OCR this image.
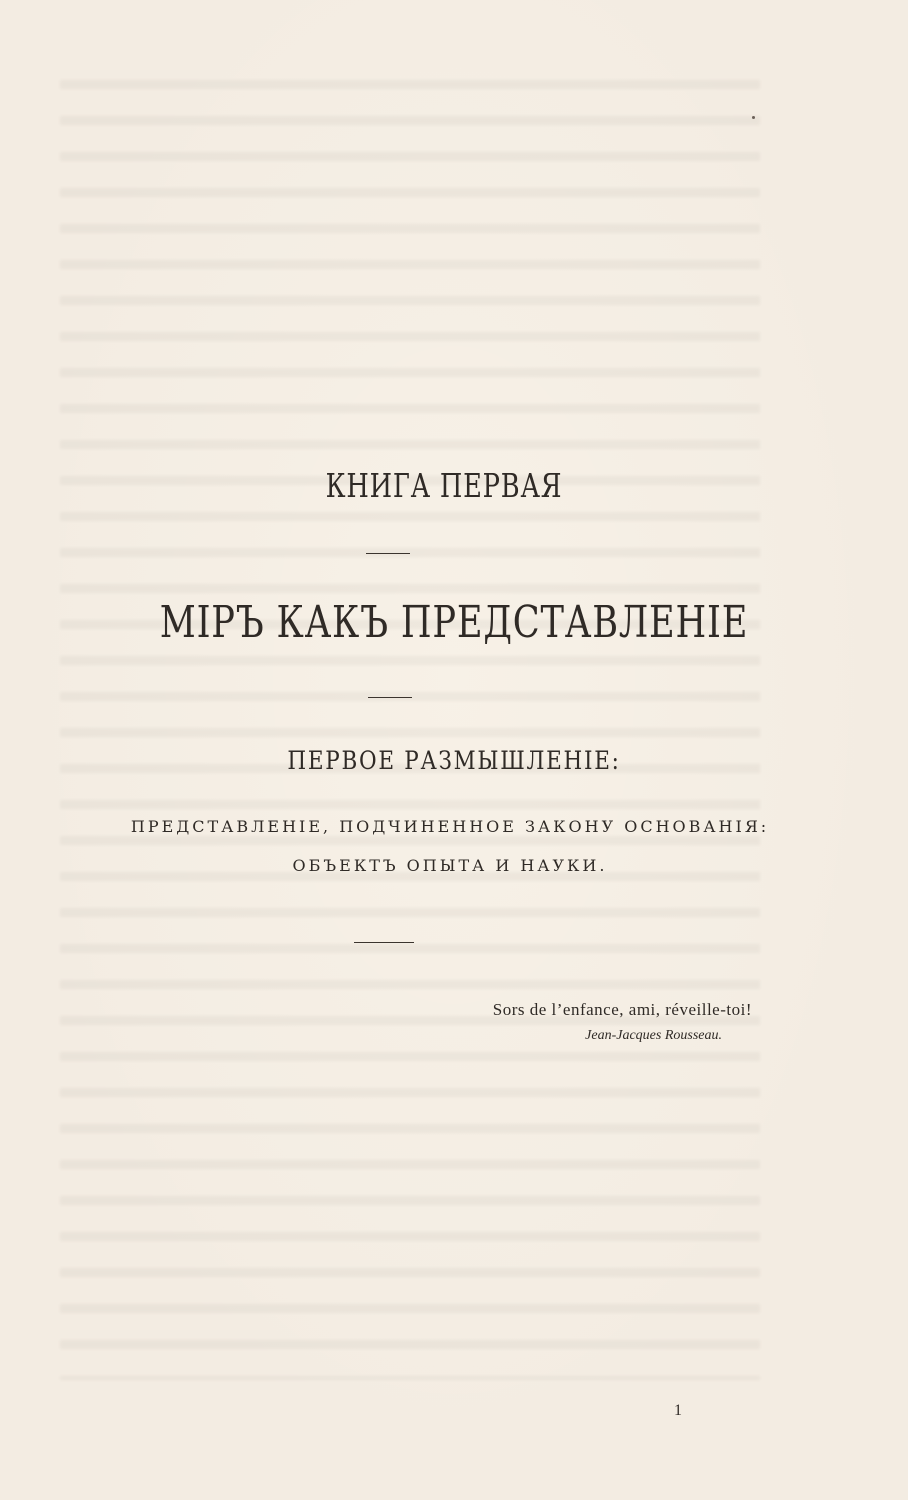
КНИГА ПЕРВАЯ
МIРЪ КАКЪ ПРЕДСТАВЛЕНIЕ
ПЕРВОЕ РАЗМЫШЛЕНIЕ:
ПРЕДСТАВЛЕНIЕ, ПОДЧИНЕННОЕ ЗАКОНУ ОСНОВАНIЯ:
ОБЪЕКТЪ ОПЫТА И НАУКИ.
Sors de l’enfance, ami, réveille-toi!
Jean-Jacques Rousseau.
1
